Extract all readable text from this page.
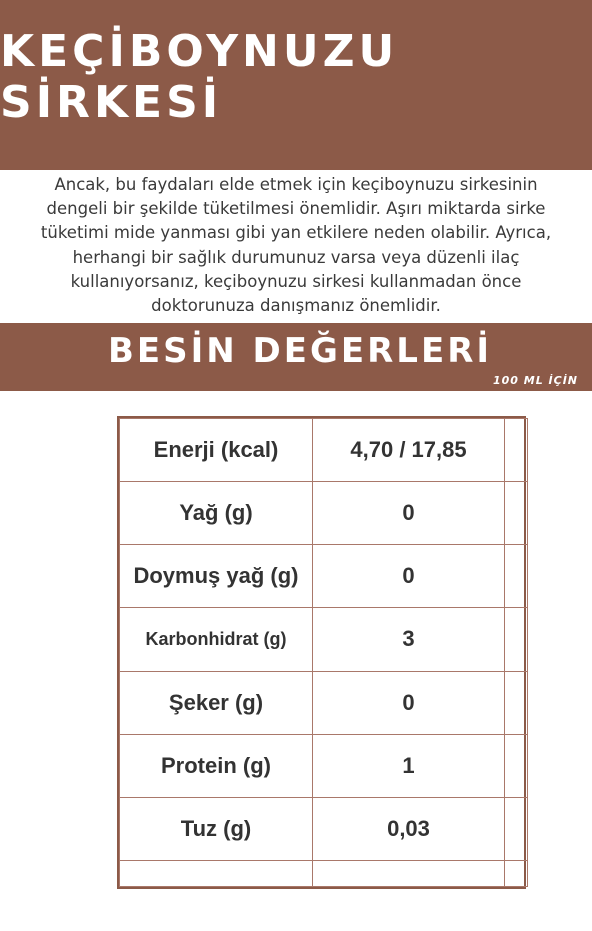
KEÇİBOYNUZU SİRKESİ

Ancak, bu faydaları elde etmek için keçiboynuzu sirkesinin dengeli bir şekilde tüketilmesi önemlidir. Aşırı miktarda sirke tüketimi mide yanması gibi yan etkilere neden olabilir. Ayrıca, herhangi bir sağlık durumunuz varsa veya düzenli ilaç kullanıyorsanız, keçiboynuzu sirkesi kullanmadan önce doktorunuza danışmanız önemlidir.

BESİN DEĞERLERİ

100 ML İÇİN

Enerji (kcal)	4,70 / 17,85	
Yağ (g)	0	
Doymuş yağ (g)	0	
Karbonhidrat (g)	3	
Şeker (g)	0	
Protein (g)	1	
Tuz (g)	0,03	
